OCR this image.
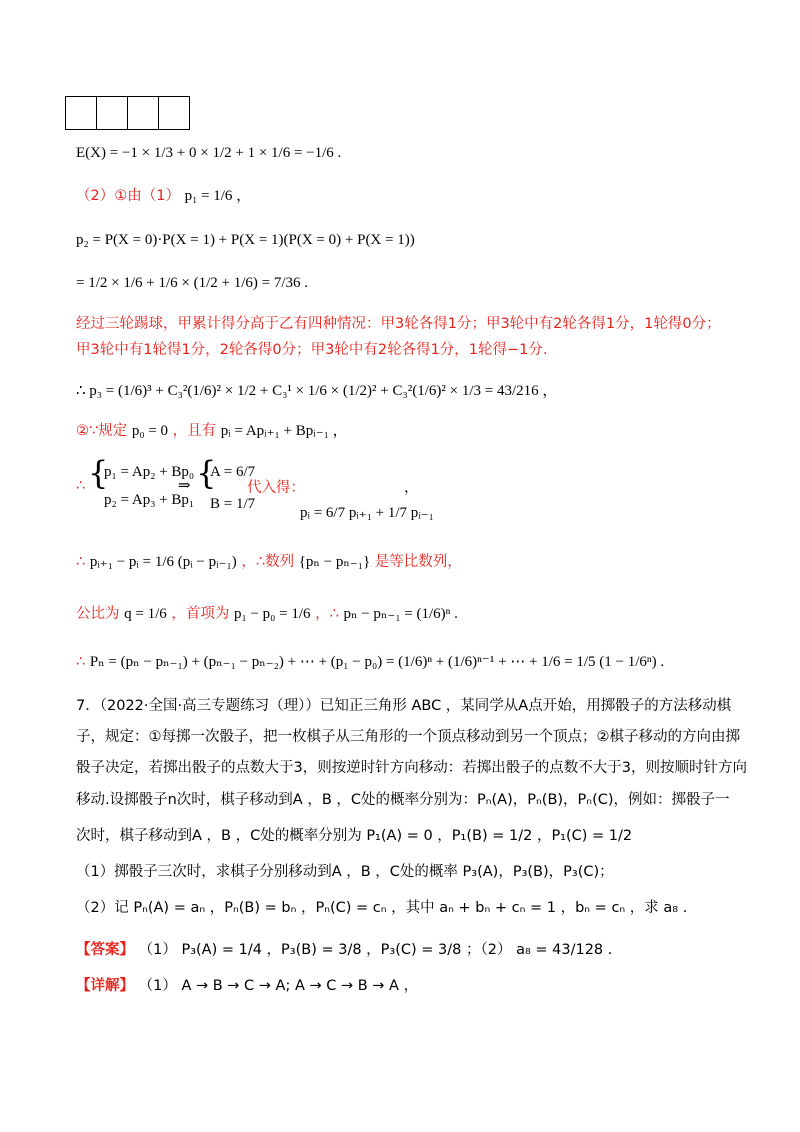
E(X) = −1 × 1/3 + 0 × 1/2 + 1 × 1/6 = −1/6 .
（2）①由（1） p₁ = 1/6 ，
p₂ = P(X = 0)·P(X = 1) + P(X = 1)(P(X = 0) + P(X = 1))
= 1/2 × 1/6 + 1/6 × (1/2 + 1/6) = 7/36 .
经过三轮踢球，甲累计得分高于乙有四种情况：甲3轮各得1分；甲3轮中有2轮各得1分，1轮得0分；
甲3轮中有1轮得1分，2轮各得0分；甲3轮中有2轮各得1分，1轮得−1分.
∴ p₃ = (1/6)³ + C₃²(1/6)² × 1/2 + C₃¹ × 1/6 × (1/2)² + C₃²(1/6)² × 1/3 = 43/216 ，
②∵规定 p₀ = 0 ，且有 pᵢ = Apᵢ₊₁ + Bpᵢ₋₁ ，
∴ {
p₁ = Ap₂ + Bp₀
p₂ = Ap₃ + Bp₁
⇒ {
A = 6/7
B = 1/7
代入得：
pᵢ = 6/7 pᵢ₊₁ + 1/7 pᵢ₋₁
，
∴ pᵢ₊₁ − pᵢ = 1/6 (pᵢ − pᵢ₋₁) ，∴数列 {pₙ − pₙ₋₁} 是等比数列，
公比为 q = 1/6 ，首项为 p₁ − p₀ = 1/6 ，∴ pₙ − pₙ₋₁ = (1/6)ⁿ .
∴ Pₙ = (pₙ − pₙ₋₁) + (pₙ₋₁ − pₙ₋₂) + ⋯ + (p₁ − p₀) = (1/6)ⁿ + (1/6)ⁿ⁻¹ + ⋯ + 1/6 = 1/5 (1 − 1/6ⁿ) .
7．（2022·全国·高三专题练习（理））已知正三角形 ABC ，某同学从A点开始，用掷骰子的方法移动棋
子，规定：①每掷一次骰子，把一枚棋子从三角形的一个顶点移动到另一个顶点；②棋子移动的方向由掷
骰子决定，若掷出骰子的点数大于3，则按逆时针方向移动：若掷出骰子的点数不大于3，则按顺时针方向
移动.设掷骰子n次时，棋子移动到A ，B ，C处的概率分别为：Pₙ(A)，Pₙ(B)，Pₙ(C)，例如：掷骰子一
次时，棋子移动到A ，B ，C处的概率分别为 P₁(A) = 0 ，P₁(B) = 1/2 ，P₁(C) = 1/2
（1）掷骰子三次时，求棋子分别移动到A ，B ，C处的概率 P₃(A)，P₃(B)，P₃(C)；
（2）记 Pₙ(A) = aₙ ，Pₙ(B) = bₙ ，Pₙ(C) = cₙ ，其中 aₙ + bₙ + cₙ = 1 ，bₙ = cₙ ，求 a₈ .
【答案】 （1） P₃(A) = 1/4 ，P₃(B) = 3/8 ，P₃(C) = 3/8 ；（2） a₈ = 43/128 .
【详解】 （1） A → B → C → A; A → C → B → A ，
